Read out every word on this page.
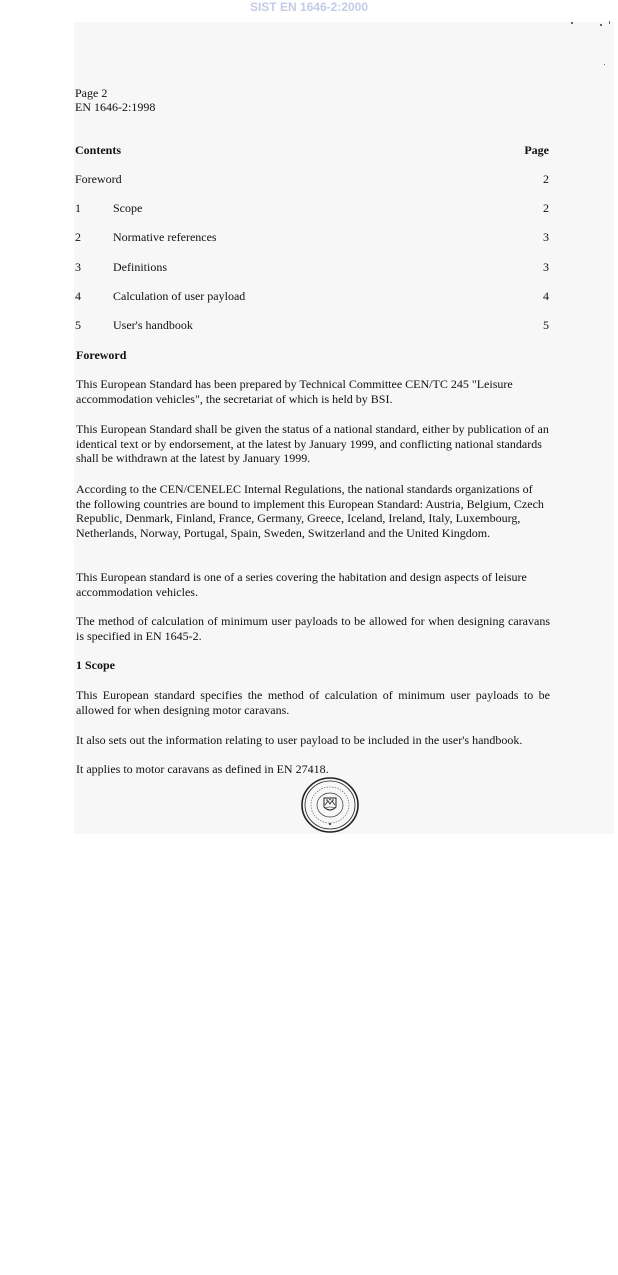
SIST EN 1646-2:2000
Page 2
EN 1646-2:1998
Contents	Page
Foreword	2
1	Scope	2
2	Normative references	3
3	Definitions	3
4	Calculation of user payload	4
5	User's handbook	5
Foreword
This European Standard has been prepared by Technical Committee CEN/TC 245 "Leisure accommodation vehicles", the secretariat of which is held by BSI.
This European Standard shall be given the status of a national standard, either by publication of an identical text or by endorsement, at the latest by January 1999, and conflicting national standards shall be withdrawn at the latest by January 1999.
According to the CEN/CENELEC Internal Regulations, the national standards organizations of the following countries are bound to implement this European Standard: Austria, Belgium, Czech Republic, Denmark, Finland, France, Germany, Greece, Iceland, Ireland, Italy, Luxembourg, Netherlands, Norway, Portugal, Spain, Sweden, Switzerland and the United Kingdom.
This European standard is one of a series covering the habitation and design aspects of leisure accommodation vehicles.
The method of calculation of minimum user payloads to be allowed for when designing caravans is specified in EN 1645-2.
1 Scope
This European standard specifies the method of calculation of minimum user payloads to be allowed for when designing motor caravans.
It also sets out the information relating to user payload to be included in the user's handbook.
It applies to motor caravans as defined in EN 27418.
